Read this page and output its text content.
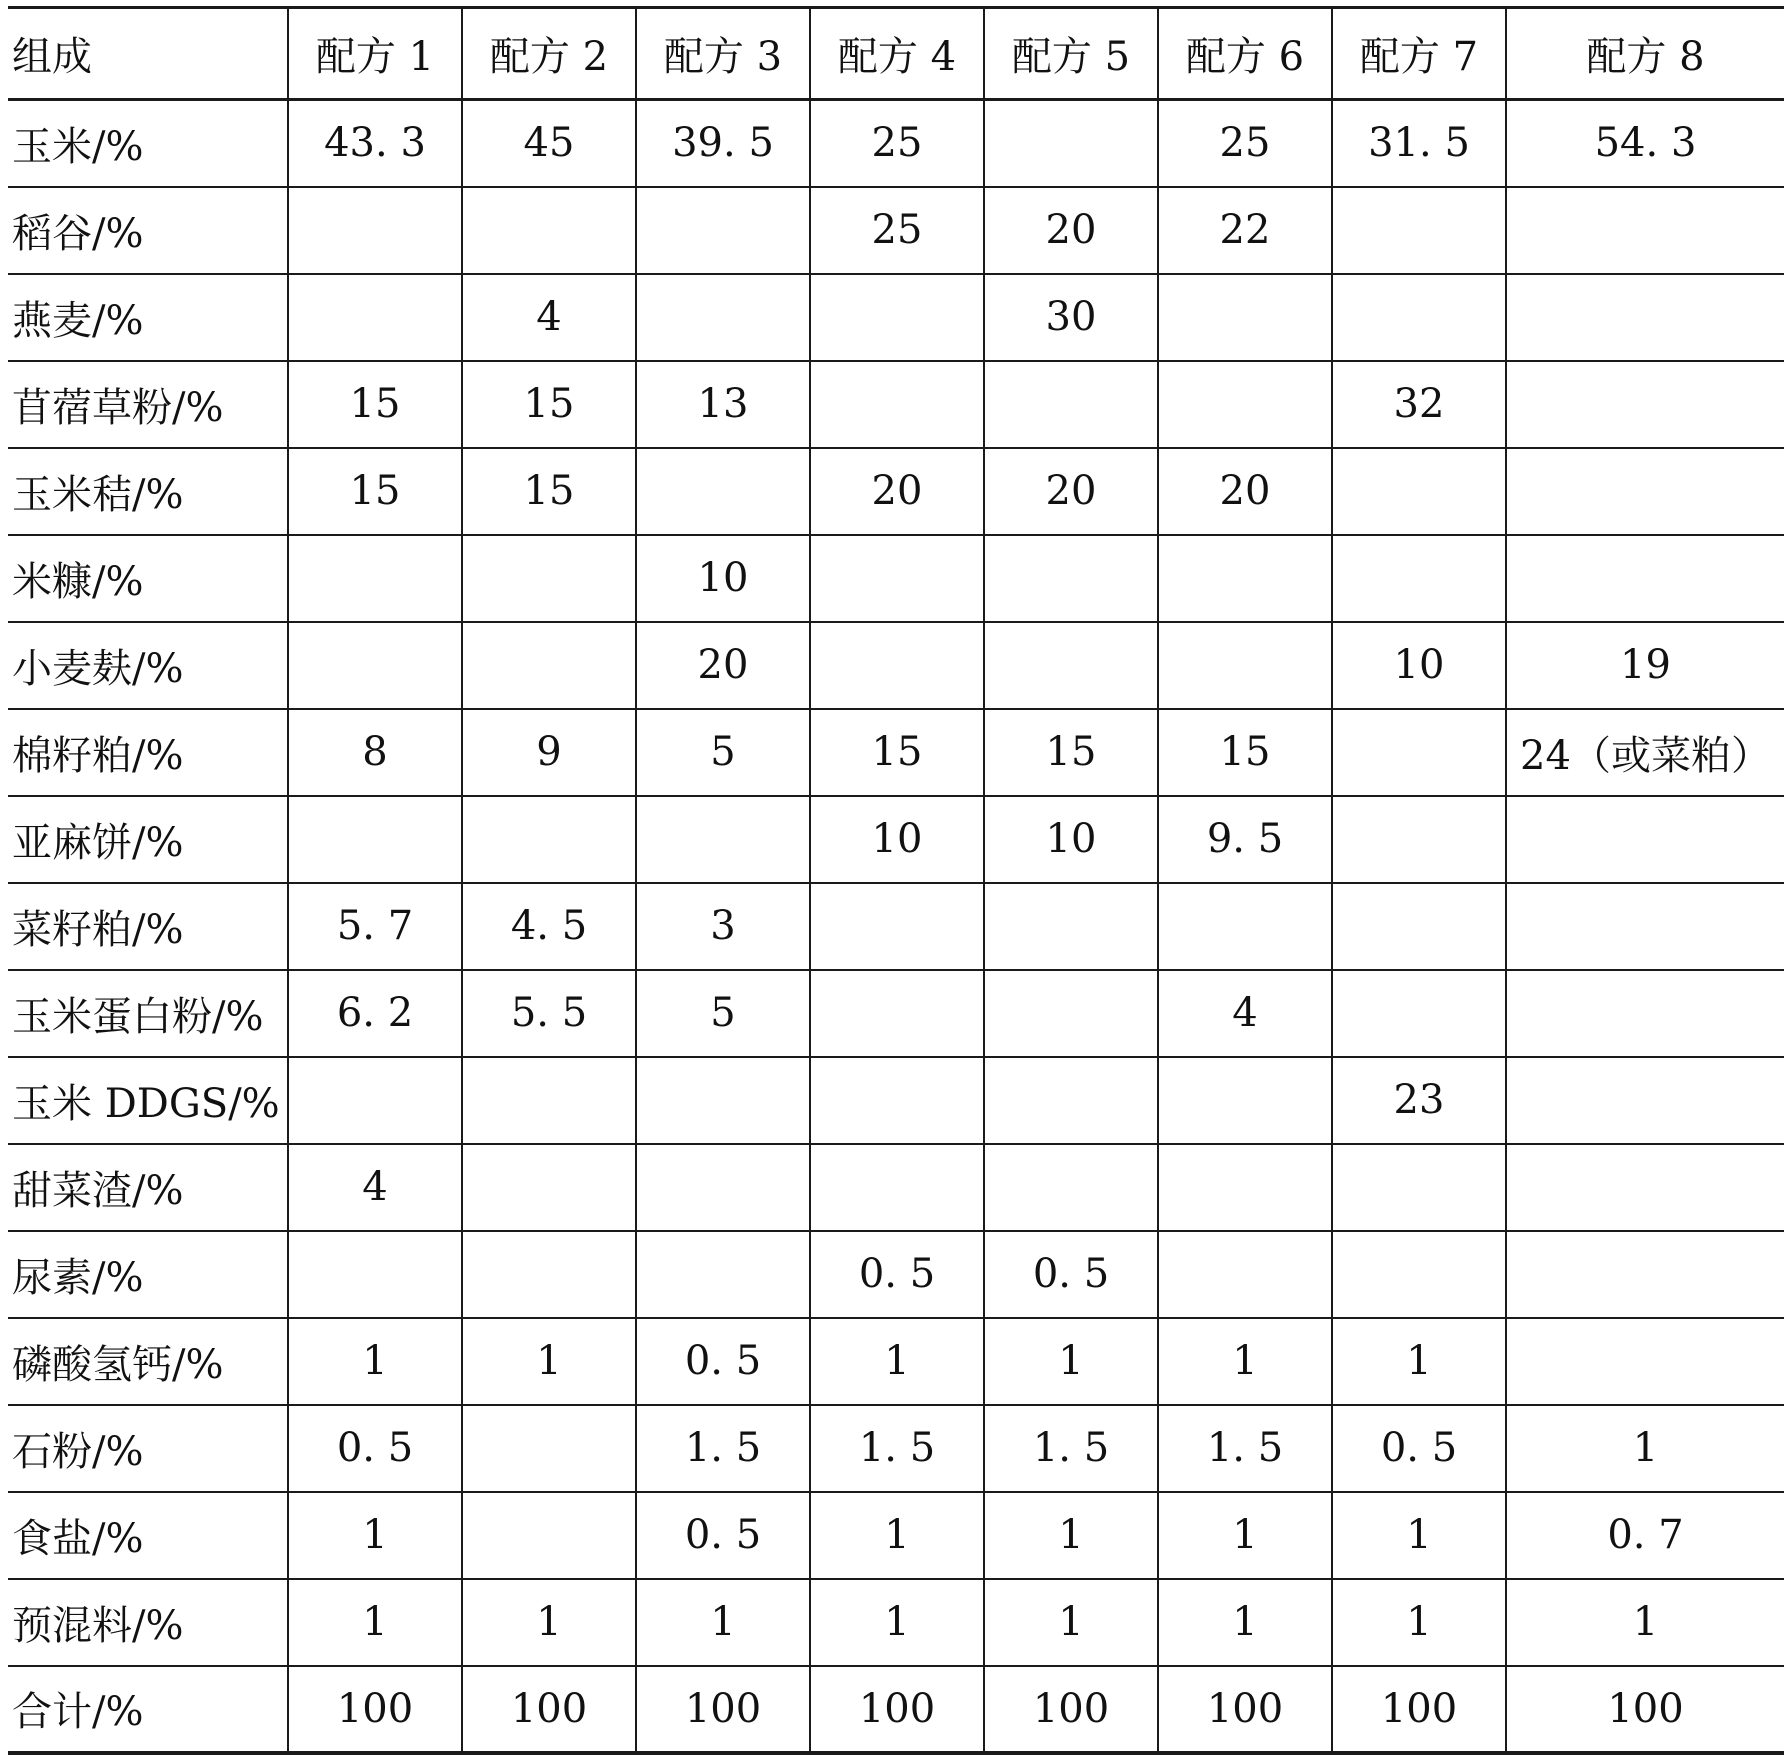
组成	配方 1	配方 2	配方 3	配方 4	配方 5	配方 6	配方 7	配方 8
玉米/%	43. 3	45	39. 5	25		25	31. 5	54. 3
稻谷/%				25	20	22		
燕麦/%		4			30			
苜蓿草粉/%	15	15	13				32	
玉米秸/%	15	15		20	20	20		
米糠/%			10					
小麦麸/%			20				10	19
棉籽粕/%	8	9	5	15	15	15		24（或菜粕）
亚麻饼/%				10	10	9. 5		
菜籽粕/%	5. 7	4. 5	3					
玉米蛋白粉/%	6. 2	5. 5	5			4		
玉米 DDGS/%							23	
甜菜渣/%	4							
尿素/%				0. 5	0. 5			
磷酸氢钙/%	1	1	0. 5	1	1	1	1	
石粉/%	0. 5		1. 5	1. 5	1. 5	1. 5	0. 5	1
食盐/%	1		0. 5	1	1	1	1	0. 7
预混料/%	1	1	1	1	1	1	1	1
合计/%	100	100	100	100	100	100	100	100
